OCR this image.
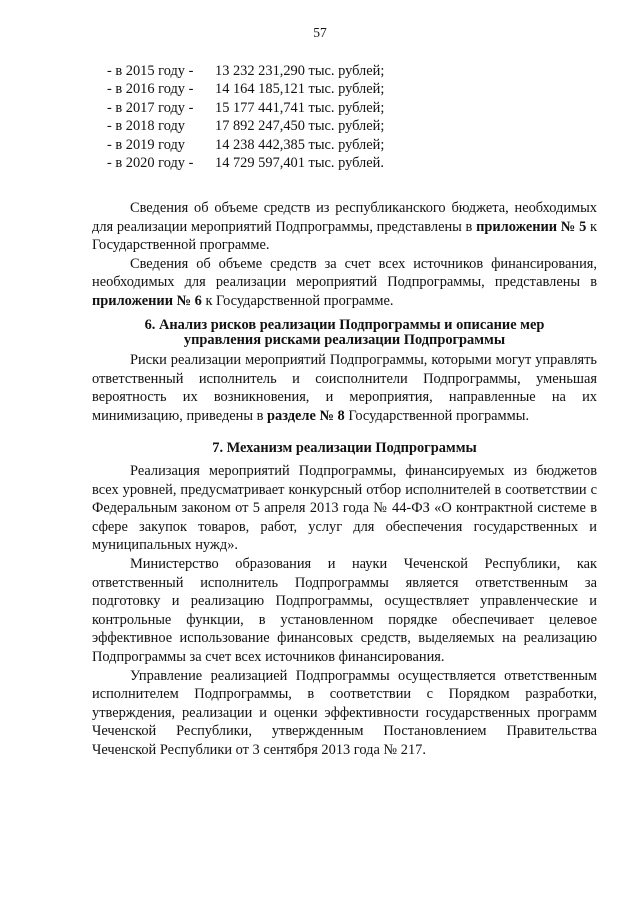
57
- в 2015 году -	13 232 231,290 тыс. рублей;
- в 2016 году -	14 164 185,121 тыс. рублей;
- в 2017 году -	15 177 441,741 тыс. рублей;
- в 2018 году	17 892 247,450 тыс. рублей;
- в 2019 году	14 238 442,385 тыс. рублей;
- в 2020 году -	14 729 597,401 тыс. рублей.

Сведения об объеме средств из республиканского бюджета, необходимых для реализации мероприятий Подпрограммы, представлены в приложении № 5 к Государственной программе.

Сведения об объеме средств за счет всех источников финансирования, необходимых для реализации мероприятий Подпрограммы, представлены в приложении № 6 к Государственной программе.

6. Анализ рисков реализации Подпрограммы и описание мер
управления рисками реализации Подпрограммы

Риски реализации мероприятий Подпрограммы, которыми могут управлять ответственный исполнитель и соисполнители Подпрограммы, уменьшая вероятность их возникновения, и мероприятия, направленные на их минимизацию, приведены в разделе № 8 Государственной программы.

7. Механизм реализации Подпрограммы

Реализация мероприятий Подпрограммы, финансируемых из бюджетов всех уровней, предусматривает конкурсный отбор исполнителей в соответствии с Федеральным законом от 5 апреля 2013 года № 44-ФЗ «О контрактной системе в сфере закупок товаров, работ, услуг для обеспечения государственных и муниципальных нужд».

Министерство образования и науки Чеченской Республики, как ответственный исполнитель Подпрограммы является ответственным за подготовку и реализацию Подпрограммы, осуществляет управленческие и контрольные функции, в установленном порядке обеспечивает целевое эффективное использование финансовых средств, выделяемых на реализацию Подпрограммы за счет всех источников финансирования.

Управление реализацией Подпрограммы осуществляется ответственным исполнителем Подпрограммы, в соответствии с Порядком разработки, утверждения, реализации и оценки эффективности государственных программ Чеченской Республики, утвержденным Постановлением Правительства Чеченской Республики от 3 сентября 2013 года № 217.
